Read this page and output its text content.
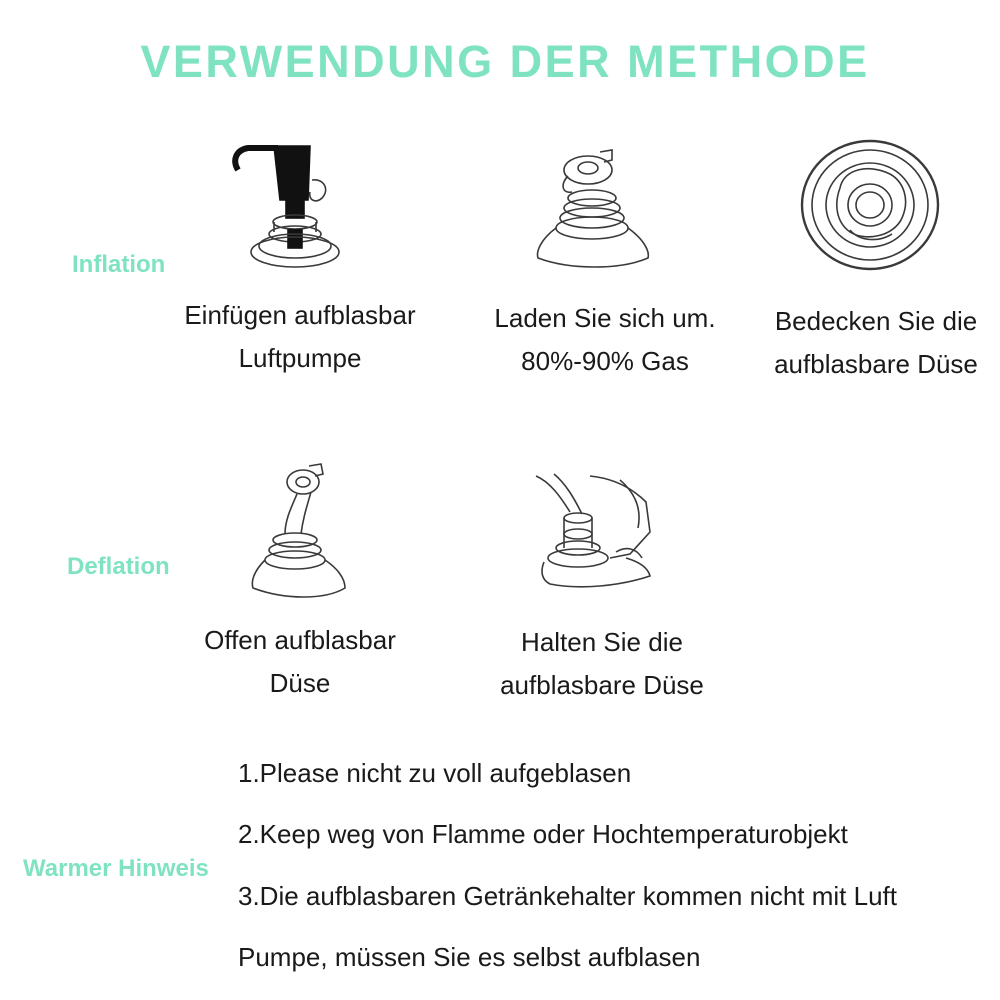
VERWENDUNG DER METHODE
Inflation
Einfügen aufblasbar
Luftpumpe
Laden Sie sich um.
80%-90% Gas
Bedecken Sie die
aufblasbare Düse
Deflation
Offen aufblasbar
Düse
Halten Sie die
aufblasbare Düse
Warmer Hinweis
1.Please nicht zu voll aufgeblasen
2.Keep weg von Flamme oder Hochtemperaturobjekt
3.Die aufblasbaren Getränkehalter kommen nicht mit Luft
Pumpe, müssen Sie es selbst aufblasen
